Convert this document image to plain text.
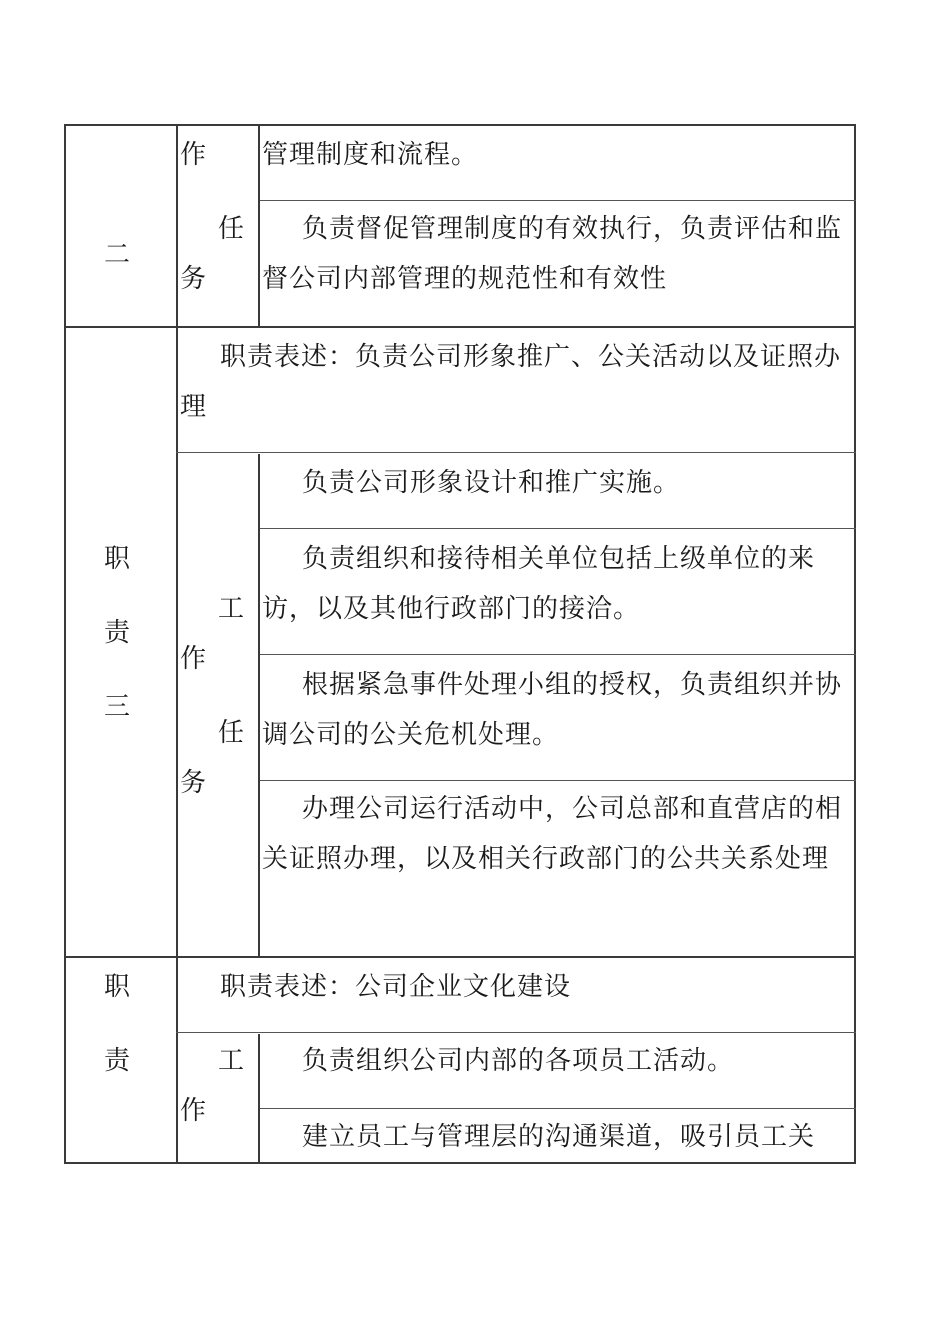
二
作
任
务
管理制度和流程。
负责督促管理制度的有效执行，负责评估和监督公司内部管理的规范性和有效性
职
责
三
职责表述：负责公司形象推广、公关活动以及证照办理
工
作
任
务
负责公司形象设计和推广实施。
负责组织和接待相关单位包括上级单位的来访，以及其他行政部门的接洽。
根据紧急事件处理小组的授权，负责组织并协调公司的公关危机处理。
办理公司运行活动中，公司总部和直营店的相关证照办理，以及相关行政部门的公共关系处理
职
责
职责表述：公司企业文化建设
工
作
负责组织公司内部的各项员工活动。
建立员工与管理层的沟通渠道，吸引员工关
